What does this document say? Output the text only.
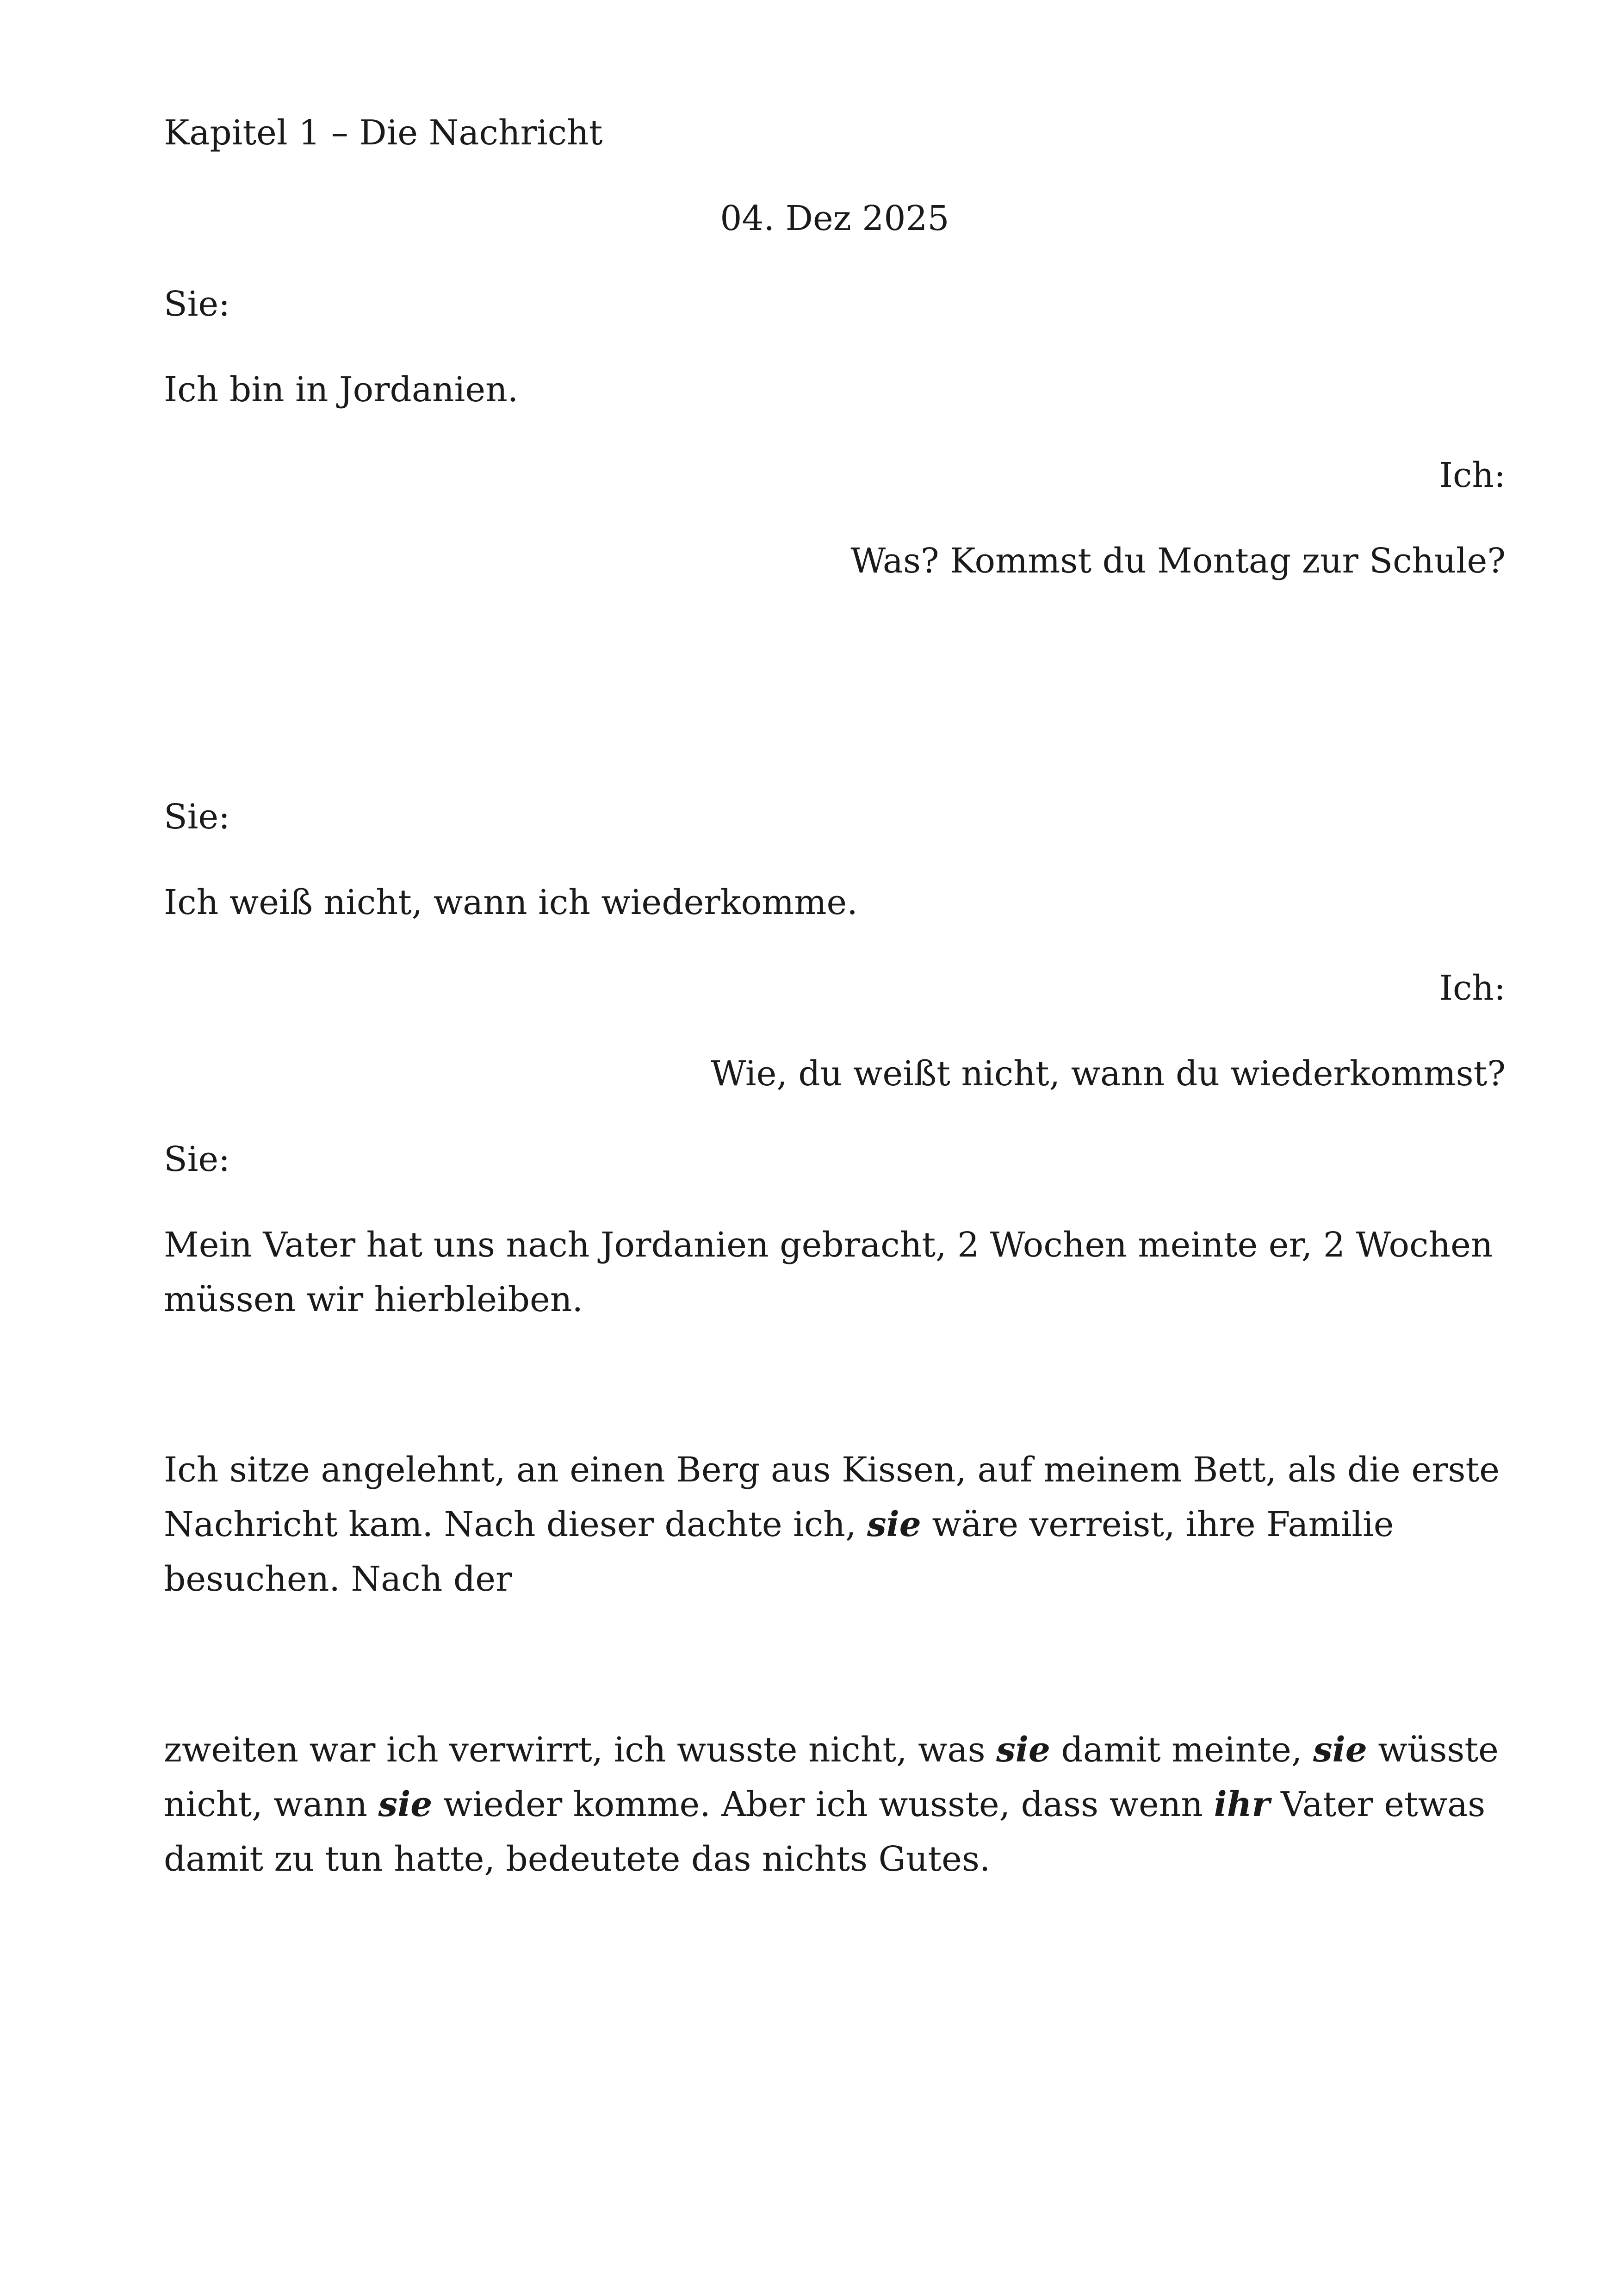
Kapitel 1 – Die Nachricht

04. Dez 2025

Sie:

Ich bin in Jordanien.

Ich:

Was? Kommst du Montag zur Schule?

Sie:

Ich weiß nicht, wann ich wiederkomme.

Ich:

Wie, du weißt nicht, wann du wiederkommst?

Sie:

Mein Vater hat uns nach Jordanien gebracht, 2 Wochen meinte er, 2 Wochen
müssen wir hierbleiben.
Ich sitze angelehnt, an einen Berg aus Kissen, auf meinem Bett, als die erste
Nachricht kam. Nach dieser dachte ich, sie wäre verreist, ihre Familie
besuchen. Nach der
zweiten war ich verwirrt, ich wusste nicht, was sie damit meinte, sie wüsste
nicht, wann sie wieder komme. Aber ich wusste, dass wenn ihr Vater etwas
damit zu tun hatte, bedeutete das nichts Gutes.
